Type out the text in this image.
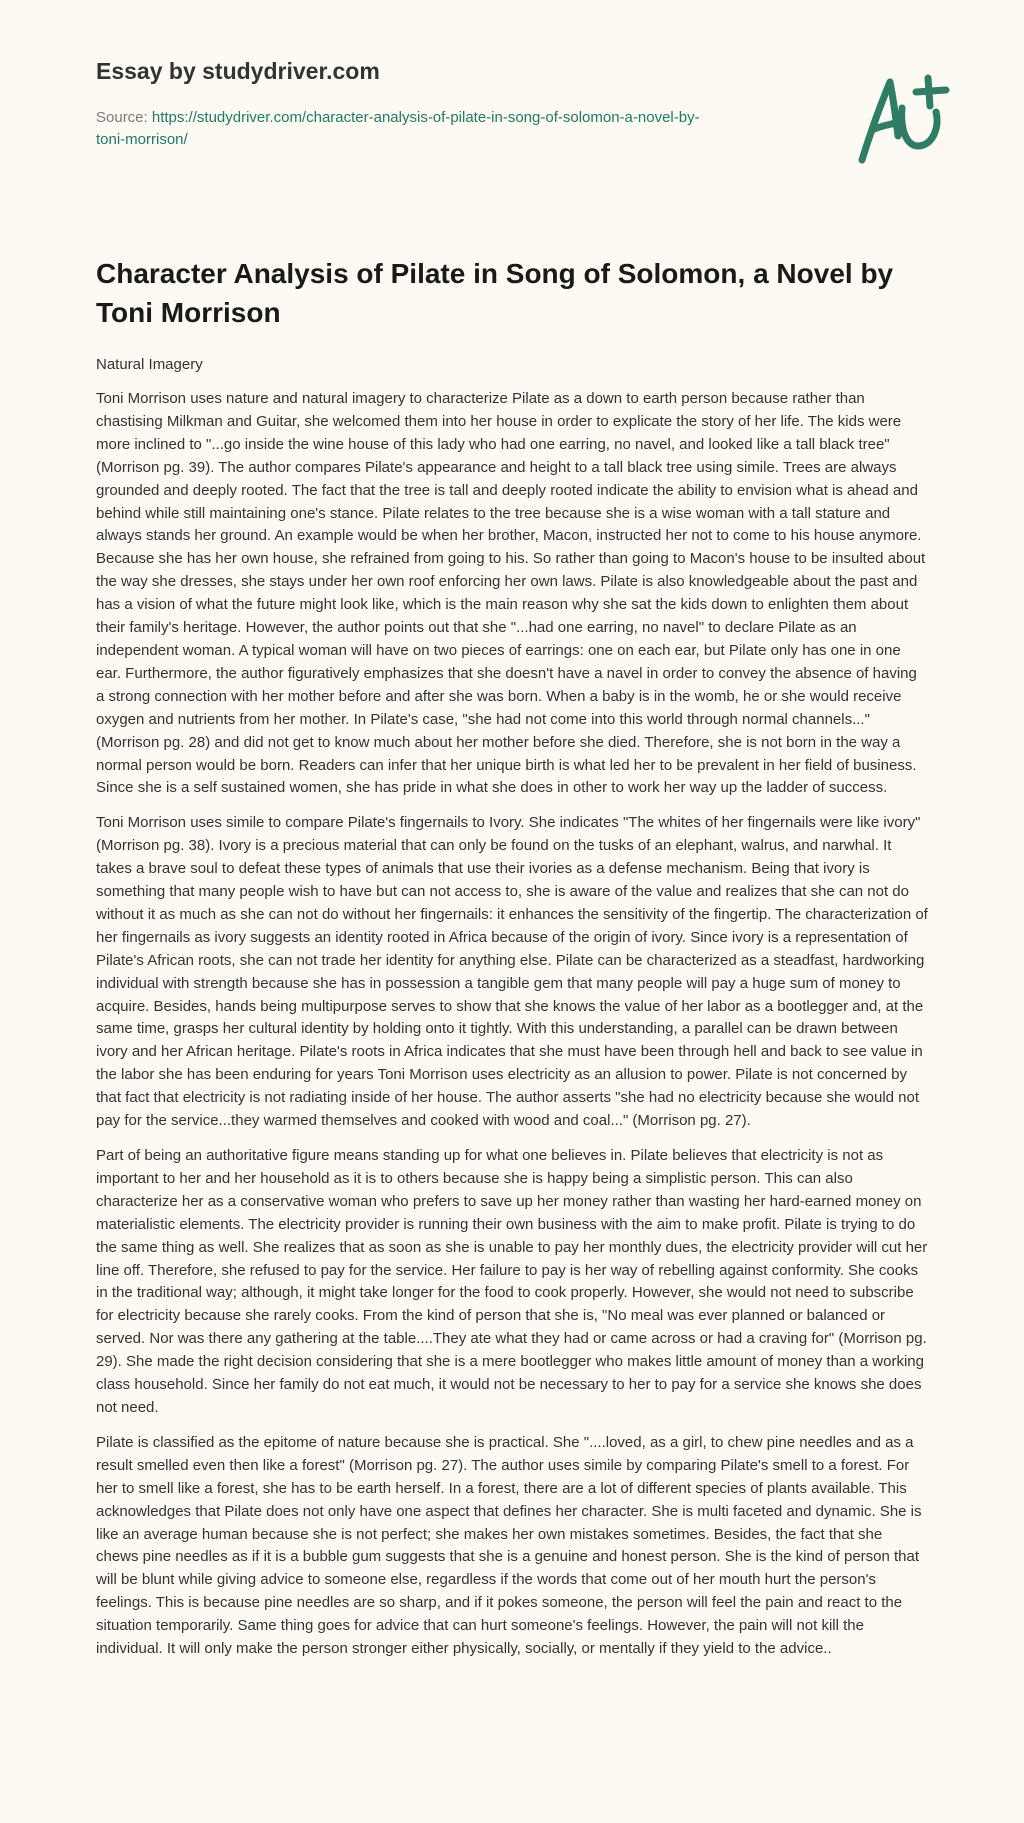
Essay by studydriver.com
Source: https://studydriver.com/character-analysis-of-pilate-in-song-of-solomon-a-novel-by-
toni-morrison/
Character Analysis of Pilate in Song of Solomon, a Novel by Toni Morrison
Natural Imagery

Toni Morrison uses nature and natural imagery to characterize Pilate as a down to earth person because rather than chastising Milkman and Guitar, she welcomed them into her house in order to explicate the story of her life. The kids were more inclined to "...go inside the wine house of this lady who had one earring, no navel, and looked like a tall black tree" (Morrison pg. 39). The author compares Pilate's appearance and height to a tall black tree using simile. Trees are always grounded and deeply rooted. The fact that the tree is tall and deeply rooted indicate the ability to envision what is ahead and behind while still maintaining one's stance. Pilate relates to the tree because she is a wise woman with a tall stature and always stands her ground. An example would be when her brother, Macon, instructed her not to come to his house anymore. Because she has her own house, she refrained from going to his. So rather than going to Macon's house to be insulted about the way she dresses, she stays under her own roof enforcing her own laws. Pilate is also knowledgeable about the past and has a vision of what the future might look like, which is the main reason why she sat the kids down to enlighten them about their family's heritage. However, the author points out that she "...had one earring, no navel" to declare Pilate as an independent woman. A typical woman will have on two pieces of earrings: one on each ear, but Pilate only has one in one ear. Furthermore, the author figuratively emphasizes that she doesn't have a navel in order to convey the absence of having a strong connection with her mother before and after she was born. When a baby is in the womb, he or she would receive oxygen and nutrients from her mother. In Pilate's case, "she had not come into this world through normal channels..." (Morrison pg. 28) and did not get to know much about her mother before she died. Therefore, she is not born in the way a normal person would be born. Readers can infer that her unique birth is what led her to be prevalent in her field of business. Since she is a self sustained women, she has pride in what she does in other to work her way up the ladder of success.

Toni Morrison uses simile to compare Pilate's fingernails to Ivory. She indicates "The whites of her fingernails were like ivory" (Morrison pg. 38). Ivory is a precious material that can only be found on the tusks of an elephant, walrus, and narwhal. It takes a brave soul to defeat these types of animals that use their ivories as a defense mechanism. Being that ivory is something that many people wish to have but can not access to, she is aware of the value and realizes that she can not do without it as much as she can not do without her fingernails: it enhances the sensitivity of the fingertip. The characterization of her fingernails as ivory suggests an identity rooted in Africa because of the origin of ivory. Since ivory is a representation of Pilate's African roots, she can not trade her identity for anything else. Pilate can be characterized as a steadfast, hardworking individual with strength because she has in possession a tangible gem that many people will pay a huge sum of money to acquire. Besides, hands being multipurpose serves to show that she knows the value of her labor as a bootlegger and, at the same time, grasps her cultural identity by holding onto it tightly. With this understanding, a parallel can be drawn between ivory and her African heritage. Pilate's roots in Africa indicates that she must have been through hell and back to see value in the labor she has been enduring for years Toni Morrison uses electricity as an allusion to power. Pilate is not concerned by that fact that electricity is not radiating inside of her house. The author asserts "she had no electricity because she would not pay for the service...they warmed themselves and cooked with wood and coal..." (Morrison pg. 27).

Part of being an authoritative figure means standing up for what one believes in. Pilate believes that electricity is not as important to her and her household as it is to others because she is happy being a simplistic person. This can also characterize her as a conservative woman who prefers to save up her money rather than wasting her hard-earned money on materialistic elements. The electricity provider is running their own business with the aim to make profit. Pilate is trying to do the same thing as well. She realizes that as soon as she is unable to pay her monthly dues, the electricity provider will cut her line off. Therefore, she refused to pay for the service. Her failure to pay is her way of rebelling against conformity. She cooks in the traditional way; although, it might take longer for the food to cook properly. However, she would not need to subscribe for electricity because she rarely cooks. From the kind of person that she is, "No meal was ever planned or balanced or served. Nor was there any gathering at the table....They ate what they had or came across or had a craving for" (Morrison pg. 29). She made the right decision considering that she is a mere bootlegger who makes little amount of money than a working class household. Since her family do not eat much, it would not be necessary to her to pay for a service she knows she does not need.

Pilate is classified as the epitome of nature because she is practical. She "....loved, as a girl, to chew pine needles and as a result smelled even then like a forest" (Morrison pg. 27). The author uses simile by comparing Pilate's smell to a forest. For her to smell like a forest, she has to be earth herself. In a forest, there are a lot of different species of plants available. This acknowledges that Pilate does not only have one aspect that defines her character. She is multi faceted and dynamic. She is like an average human because she is not perfect; she makes her own mistakes sometimes. Besides, the fact that she chews pine needles as if it is a bubble gum suggests that she is a genuine and honest person. She is the kind of person that will be blunt while giving advice to someone else, regardless if the words that come out of her mouth hurt the person's feelings. This is because pine needles are so sharp, and if it pokes someone, the person will feel the pain and react to the situation temporarily. Same thing goes for advice that can hurt someone's feelings. However, the pain will not kill the individual. It will only make the person stronger either physically, socially, or mentally if they yield to the advice..
